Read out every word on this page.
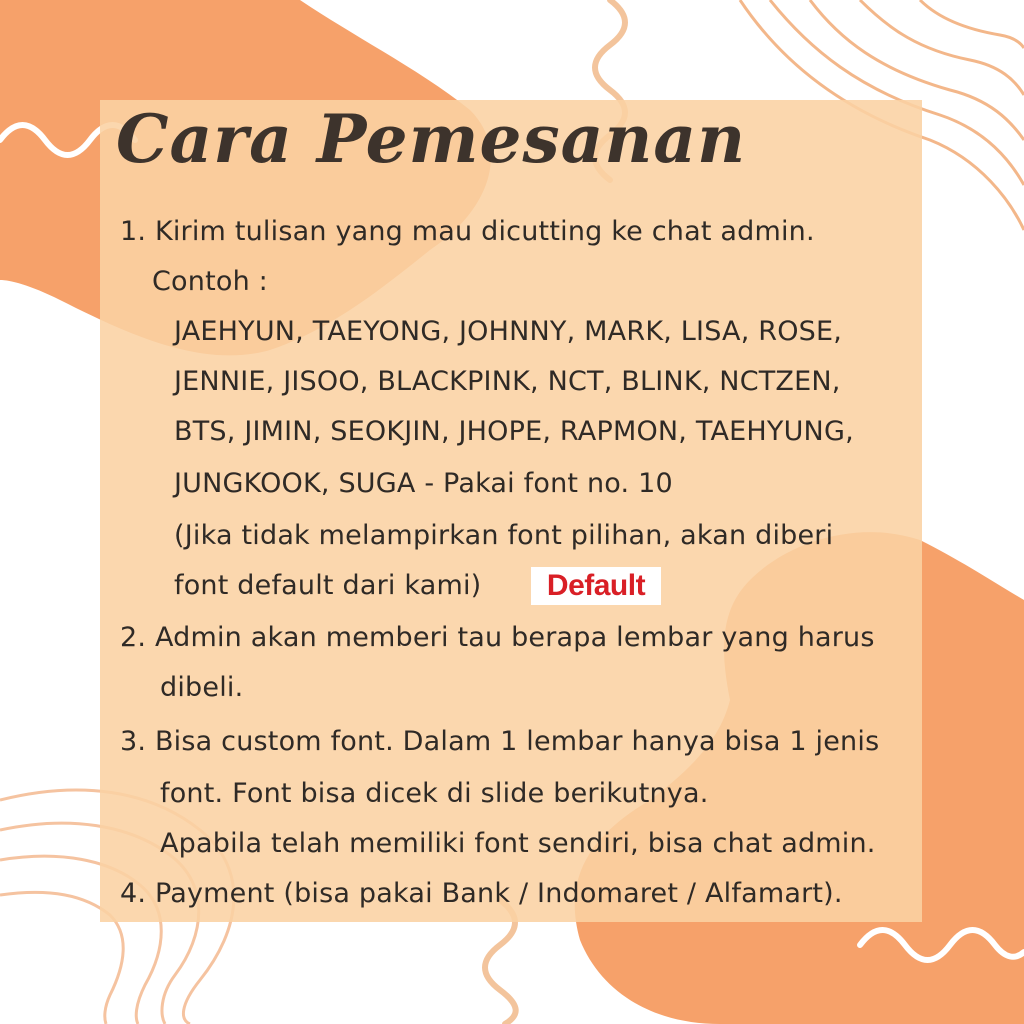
Cara Pemesanan
1. Kirim tulisan yang mau dicutting ke chat admin.
Contoh :
JAEHYUN, TAEYONG, JOHNNY, MARK, LISA, ROSE,
JENNIE, JISOO, BLACKPINK, NCT, BLINK, NCTZEN,
BTS, JIMIN, SEOKJIN, JHOPE, RAPMON, TAEHYUNG,
JUNGKOOK, SUGA - Pakai font no. 10
(Jika tidak melampirkan font pilihan, akan diberi
font default dari kami) Default
2. Admin akan memberi tau berapa lembar yang harus
dibeli.
3. Bisa custom font. Dalam 1 lembar hanya bisa 1 jenis
font. Font bisa dicek di slide berikutnya.
Apabila telah memiliki font sendiri, bisa chat admin.
4. Payment (bisa pakai Bank / Indomaret / Alfamart).
